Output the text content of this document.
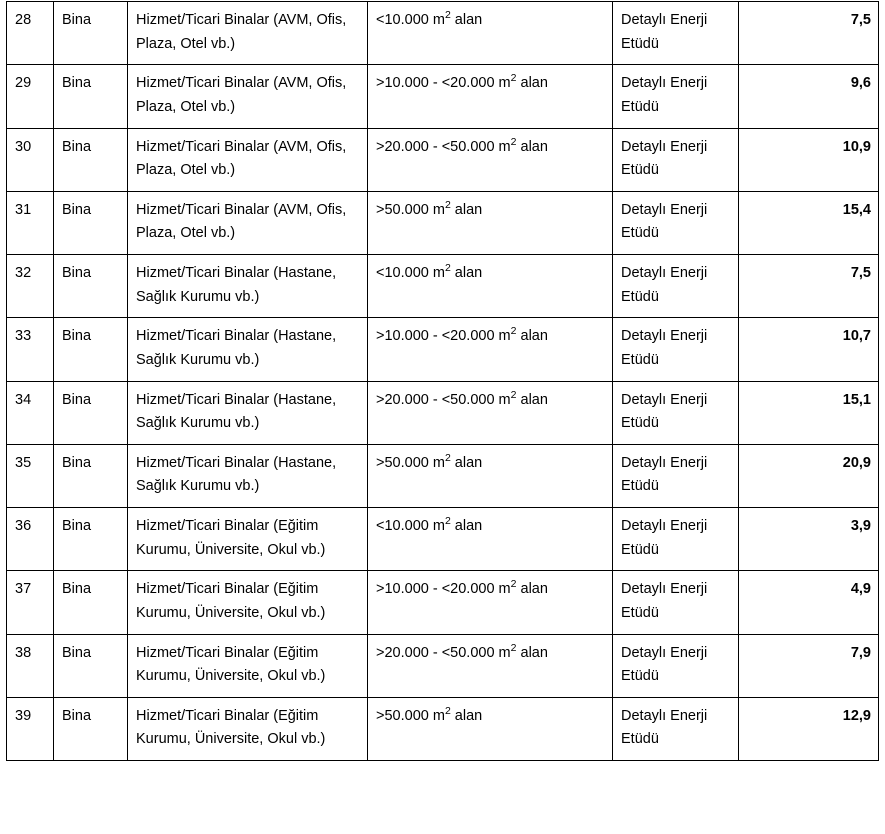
28	Bina	Hizmet/Ticari Binalar (AVM, Ofis, Plaza, Otel vb.)	<10.000 $m^2$ alan	Detaylı Enerji Etüdü	7,5
29	Bina	Hizmet/Ticari Binalar (AVM, Ofis, Plaza, Otel vb.)	>10.000 - <20.000 $m^2$ alan	Detaylı Enerji Etüdü	9,6
30	Bina	Hizmet/Ticari Binalar (AVM, Ofis, Plaza, Otel vb.)	>20.000 - <50.000 $m^2$ alan	Detaylı Enerji Etüdü	10,9
31	Bina	Hizmet/Ticari Binalar (AVM, Ofis, Plaza, Otel vb.)	>50.000 $m^2$ alan	Detaylı Enerji Etüdü	15,4
32	Bina	Hizmet/Ticari Binalar (Hastane, Sağlık Kurumu vb.)	<10.000 $m^2$ alan	Detaylı Enerji Etüdü	7,5
33	Bina	Hizmet/Ticari Binalar (Hastane, Sağlık Kurumu vb.)	>10.000 - <20.000 $m^2$ alan	Detaylı Enerji Etüdü	10,7
34	Bina	Hizmet/Ticari Binalar (Hastane, Sağlık Kurumu vb.)	>20.000 - <50.000 $m^2$ alan	Detaylı Enerji Etüdü	15,1
35	Bina	Hizmet/Ticari Binalar (Hastane, Sağlık Kurumu vb.)	>50.000 $m^2$ alan	Detaylı Enerji Etüdü	20,9
36	Bina	Hizmet/Ticari Binalar (Eğitim Kurumu, Üniversite, Okul vb.)	<10.000 $m^2$ alan	Detaylı Enerji Etüdü	3,9
37	Bina	Hizmet/Ticari Binalar (Eğitim Kurumu, Üniversite, Okul vb.)	>10.000 - <20.000 $m^2$ alan	Detaylı Enerji Etüdü	4,9
38	Bina	Hizmet/Ticari Binalar (Eğitim Kurumu, Üniversite, Okul vb.)	>20.000 - <50.000 $m^2$ alan	Detaylı Enerji Etüdü	7,9
39	Bina	Hizmet/Ticari Binalar (Eğitim Kurumu, Üniversite, Okul vb.)	>50.000 $m^2$ alan	Detaylı Enerji Etüdü	12,9
